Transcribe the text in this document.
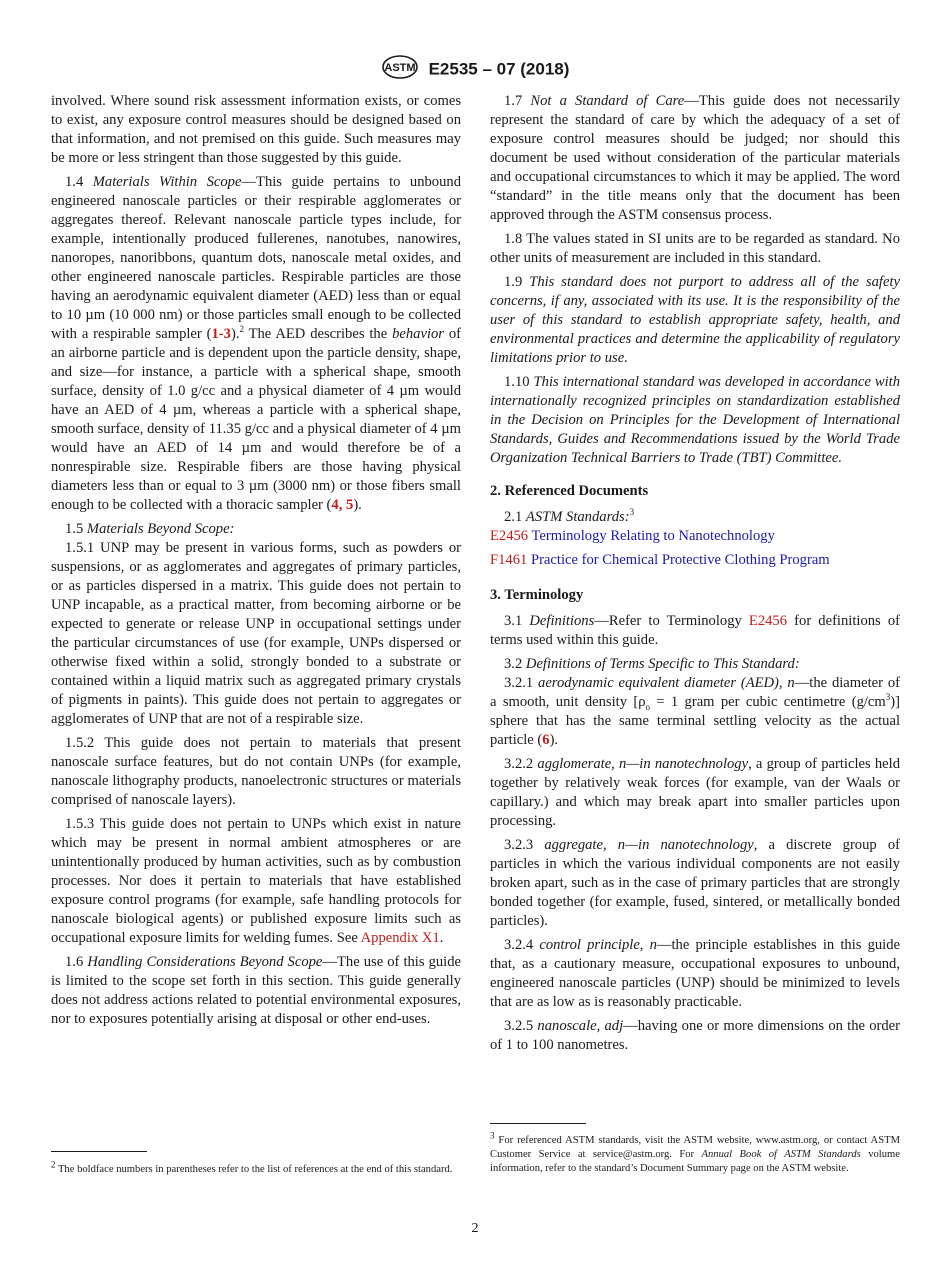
ASTM E2535 – 07 (2018)

involved. Where sound risk assessment information exists, or comes to exist, any exposure control measures should be designed based on that information, and not premised on this guide. Such measures may be more or less stringent than those suggested by this guide.

1.4 Materials Within Scope—This guide pertains to unbound engineered nanoscale particles or their respirable agglomerates or aggregates thereof. Relevant nanoscale particle types include, for example, intentionally produced fullerenes, nanotubes, nanowires, nanoropes, nanoribbons, quantum dots, nanoscale metal oxides, and other engineered nanoscale particles. Respirable particles are those having an aerodynamic equivalent diameter (AED) less than or equal to 10 µm (10 000 nm) or those particles small enough to be collected with a respirable sampler (1-3).$^2$ The AED describes the behavior of an airborne particle and is dependent upon the particle density, shape, and size—for instance, a particle with a spherical shape, smooth surface, density of 1.0 g/cc and a physical diameter of 4 µm would have an AED of 4 µm, whereas a particle with a spherical shape, smooth surface, density of 11.35 g/cc and a physical diameter of 4 µm would have an AED of 14 µm and would therefore be of a nonrespirable size. Respirable fibers are those having physical diameters less than or equal to 3 µm (3000 nm) or those fibers small enough to be collected with a thoracic sampler (4, 5).

1.5 Materials Beyond Scope:

1.5.1 UNP may be present in various forms, such as powders or suspensions, or as agglomerates and aggregates of primary particles, or as particles dispersed in a matrix. This guide does not pertain to UNP incapable, as a practical matter, from becoming airborne or be expected to generate or release UNP in occupational settings under the particular circumstances of use (for example, UNPs dispersed or otherwise fixed within a solid, strongly bonded to a substrate or contained within a liquid matrix such as aggregated primary crystals of pigments in paints). This guide does not pertain to aggregates or agglomerates of UNP that are not of a respirable size.

1.5.2 This guide does not pertain to materials that present nanoscale surface features, but do not contain UNPs (for example, nanoscale lithography products, nanoelectronic structures or materials comprised of nanoscale layers).

1.5.3 This guide does not pertain to UNPs which exist in nature which may be present in normal ambient atmospheres or are unintentionally produced by human activities, such as by combustion processes. Nor does it pertain to materials that have established exposure control programs (for example, safe handling protocols for nanoscale biological agents) or published exposure limits such as occupational exposure limits for welding fumes. See Appendix X1.

1.6 Handling Considerations Beyond Scope—The use of this guide is limited to the scope set forth in this section. This guide generally does not address actions related to potential environmental exposures, nor to exposures potentially arising at disposal or other end-uses.

$^2$ The boldface numbers in parentheses refer to the list of references at the end of this standard.

1.7 Not a Standard of Care—This guide does not necessarily represent the standard of care by which the adequacy of a set of exposure control measures should be judged; nor should this document be used without consideration of the particular materials and occupational circumstances to which it may be applied. The word “standard” in the title means only that the document has been approved through the ASTM consensus process.

1.8 The values stated in SI units are to be regarded as standard. No other units of measurement are included in this standard.

1.9 This standard does not purport to address all of the safety concerns, if any, associated with its use. It is the responsibility of the user of this standard to establish appropriate safety, health, and environmental practices and determine the applicability of regulatory limitations prior to use.

1.10 This international standard was developed in accordance with internationally recognized principles on standardization established in the Decision on Principles for the Development of International Standards, Guides and Recommendations issued by the World Trade Organization Technical Barriers to Trade (TBT) Committee.

2. Referenced Documents

2.1 ASTM Standards:$^3$

E2456 Terminology Relating to Nanotechnology

F1461 Practice for Chemical Protective Clothing Program

3. Terminology

3.1 Definitions—Refer to Terminology E2456 for definitions of terms used within this guide.

3.2 Definitions of Terms Specific to This Standard:

3.2.1 aerodynamic equivalent diameter (AED), n—the diameter of a smooth, unit density [$\rho_o = 1$ gram per cubic centimetre $(g/cm^3)$] sphere that has the same terminal settling velocity as the actual particle (6).

3.2.2 agglomerate, n—in nanotechnology, a group of particles held together by relatively weak forces (for example, van der Waals or capillary.) and which may break apart into smaller particles upon processing.

3.2.3 aggregate, n—in nanotechnology, a discrete group of particles in which the various individual components are not easily broken apart, such as in the case of primary particles that are strongly bonded together (for example, fused, sintered, or metallically bonded particles).

3.2.4 control principle, n—the principle establishes in this guide that, as a cautionary measure, occupational exposures to unbound, engineered nanoscale particles (UNP) should be minimized to levels that are as low as is reasonably practicable.

3.2.5 nanoscale, adj—having one or more dimensions on the order of 1 to 100 nanometres.

$^3$ For referenced ASTM standards, visit the ASTM website, www.astm.org, or contact ASTM Customer Service at service@astm.org. For Annual Book of ASTM Standards volume information, refer to the standard’s Document Summary page on the ASTM website.
2
